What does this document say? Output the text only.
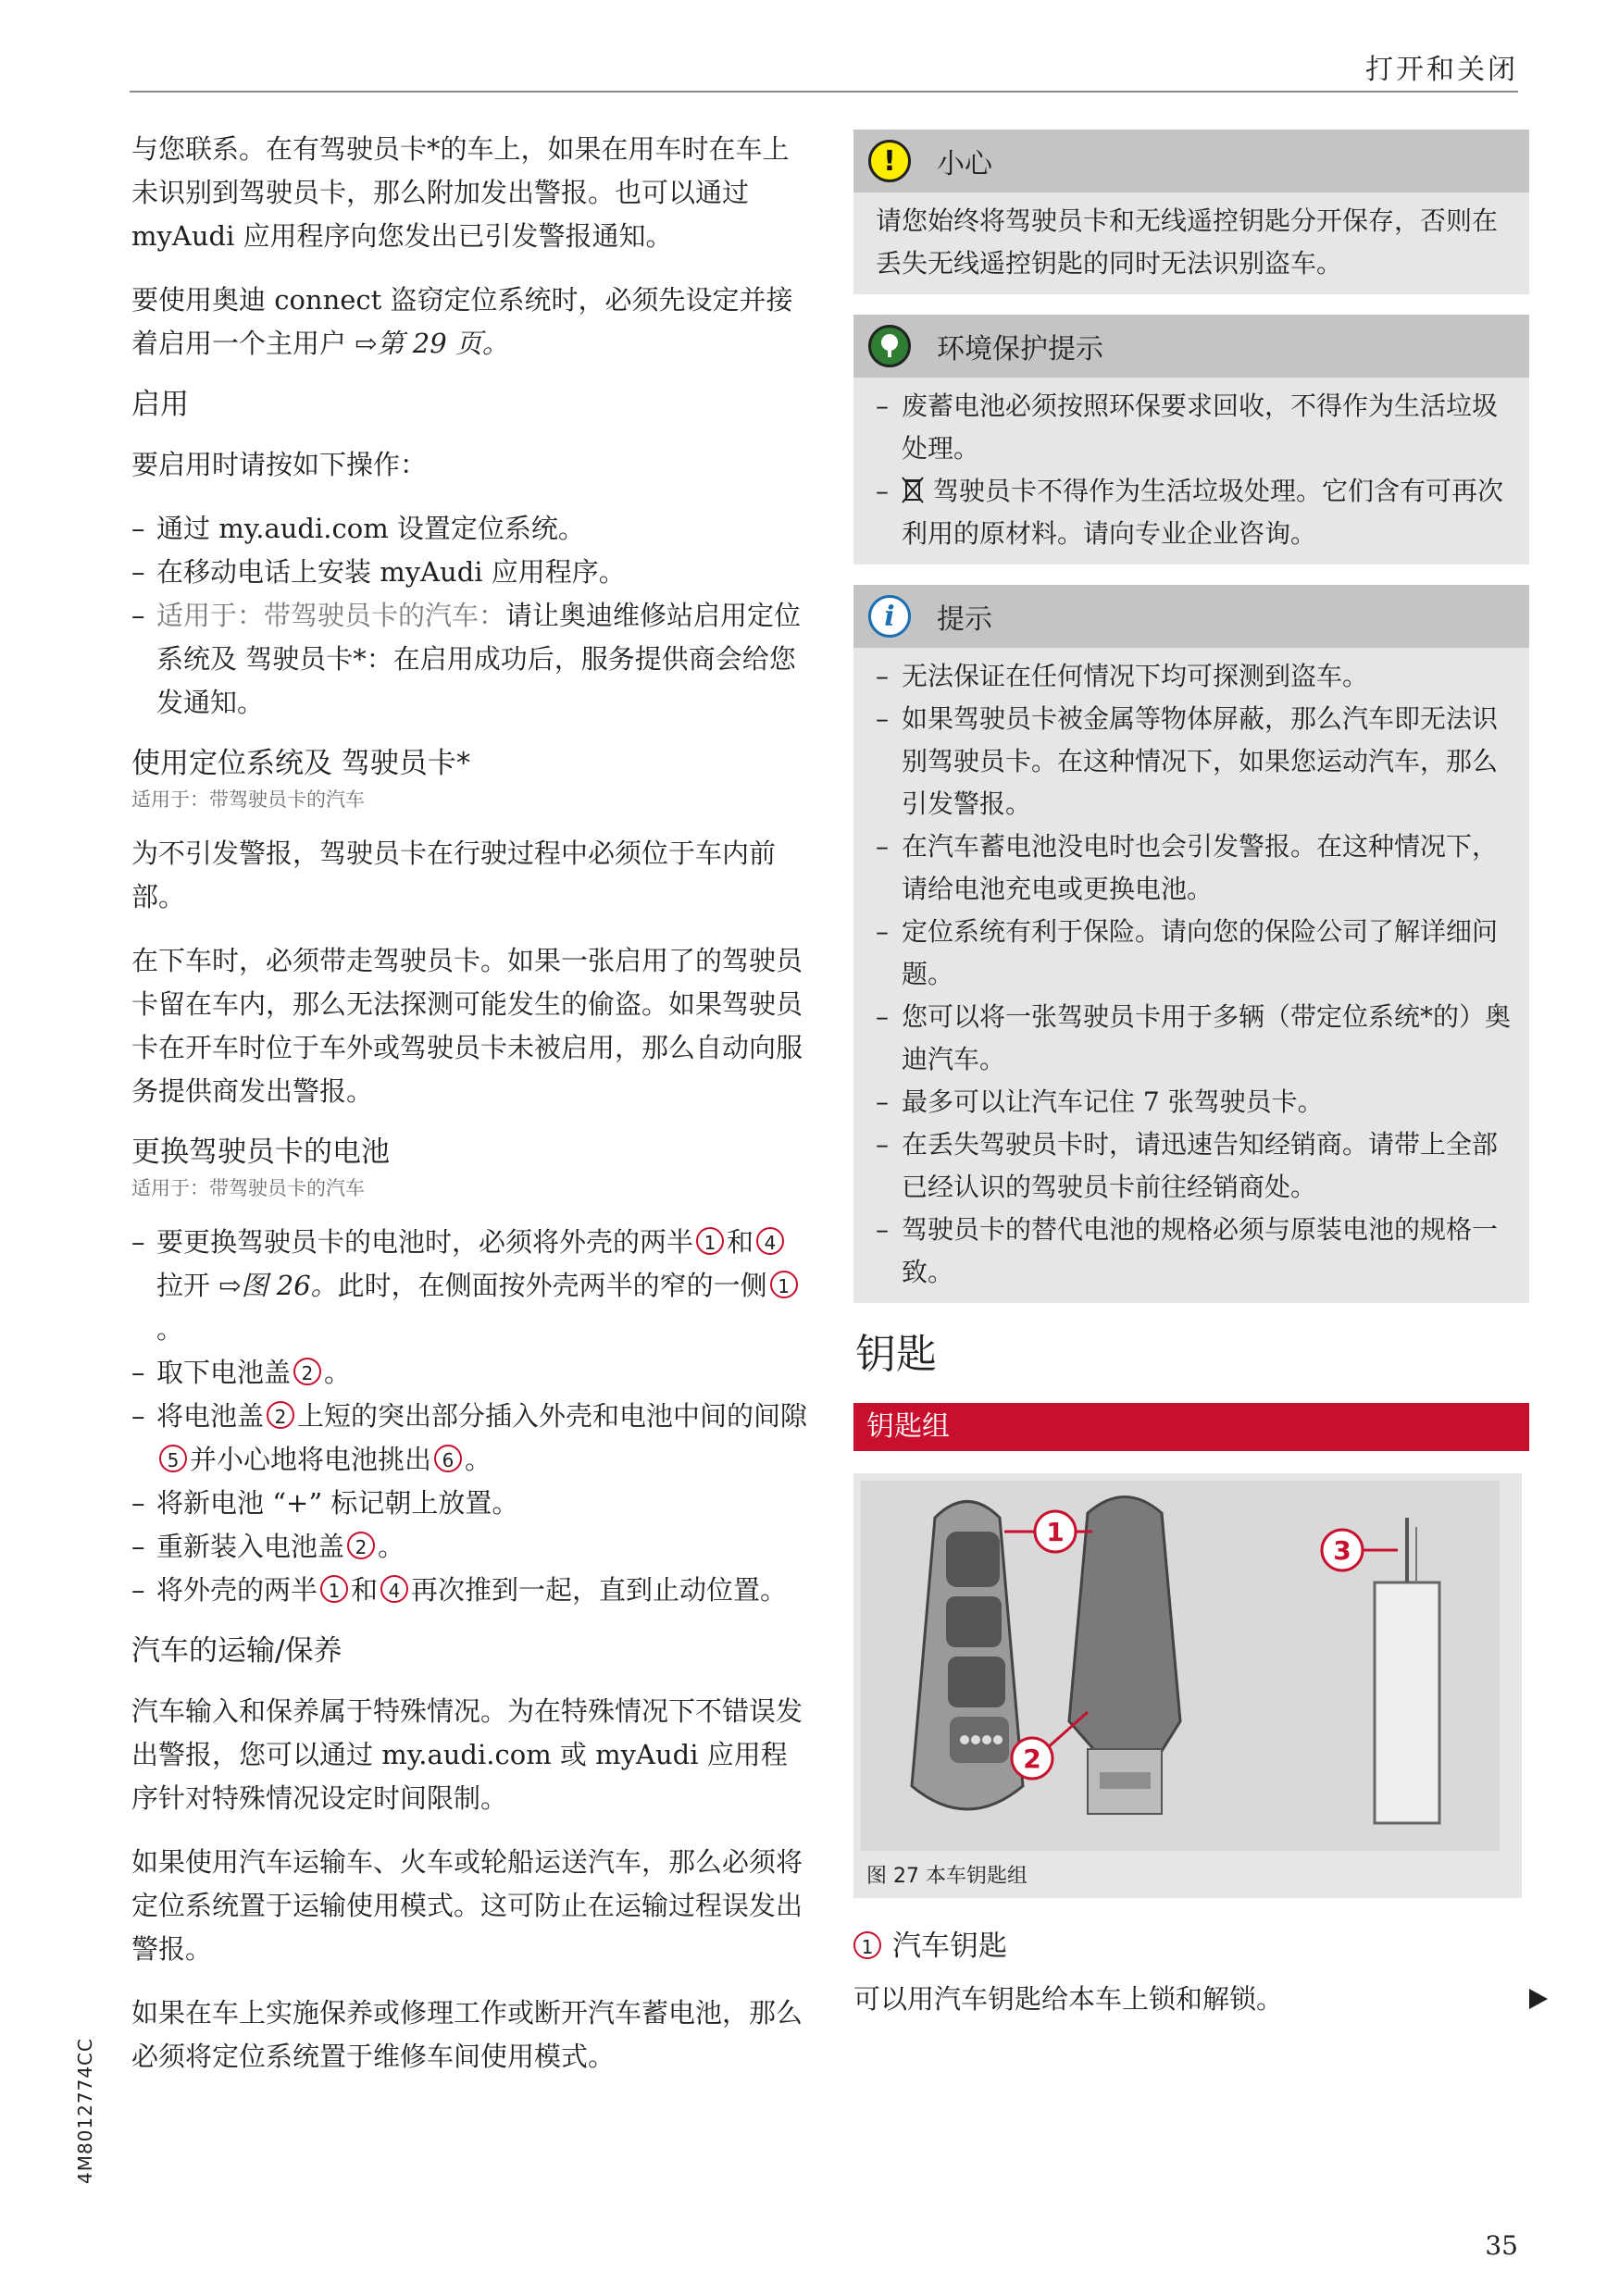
打开和关闭

与您联系。在有驾驶员卡*的车上，如果在用车时在车上未识别到驾驶员卡，那么附加发出警报。也可以通过 myAudi 应用程序向您发出已引发警报通知。

要使用奥迪 connect 盗窃定位系统时，必须先设定并接着启用一个主用户 ⇨第 29 页。

启用

要启用时请按如下操作：

– 通过 my.audi.com 设置定位系统。
– 在移动电话上安装 myAudi 应用程序。
– 适用于：带驾驶员卡的汽车：请让奥迪维修站启用定位系统及 驾驶员卡*：在启用成功后，服务提供商会给您发通知。
使用定位系统及 驾驶员卡*
适用于：带驾驶员卡的汽车

为不引发警报，驾驶员卡在行驶过程中必须位于车内前部。

在下车时，必须带走驾驶员卡。如果一张启用了的驾驶员卡留在车内，那么无法探测可能发生的偷盗。如果驾驶员卡在开车时位于车外或驾驶员卡未被启用，那么自动向服务提供商发出警报。

更换驾驶员卡的电池
适用于：带驾驶员卡的汽车
– 要更换驾驶员卡的电池时，必须将外壳的两半 1 和 4拉开 ⇨图 26。此时，在侧面按外壳两半的窄的一侧 1。
– 取下电池盖 2 。
– 将电池盖 2 上短的突出部分插入外壳和电池中间的间隙5 并小心地将电池挑出 6 。
– 将新电池 “+” 标记朝上放置。
– 重新装入电池盖 2 。
– 将外壳的两半 1 和 4 再次推到一起，直到止动位置。
汽车的运输/保养

汽车输入和保养属于特殊情况。为在特殊情况下不错误发出警报，您可以通过 my.audi.com 或 myAudi 应用程序针对特殊情况设定时间限制。

如果使用汽车运输车、火车或轮船运送汽车，那么必须将定位系统置于运输使用模式。这可防止在运输过程误发出警报。

如果在车上实施保养或修理工作或断开汽车蓄电池，那么必须将定位系统置于维修车间使用模式。

!	小心
请您始终将驾驶员卡和无线遥控钥匙分开保存，否则在丢失无线遥控钥匙的同时无法识别盗车。
环境保护提示
– 废蓄电池必须按照环保要求回收，不得作为生活垃圾处理。
– 驾驶员卡不得作为生活垃圾处理。它们含有可再次利用的原材料。请向专业企业咨询。
i	提示
– 无法保证在任何情况下均可探测到盗车。
– 如果驾驶员卡被金属等物体屏蔽，那么汽车即无法识别驾驶员卡。在这种情况下，如果您运动汽车，那么引发警报。
– 在汽车蓄电池没电时也会引发警报。在这种情况下，请给电池充电或更换电池。
– 定位系统有利于保险。请向您的保险公司了解详细问题。
– 您可以将一张驾驶员卡用于多辆（带定位系统*的）奥迪汽车。
– 最多可以让汽车记住 7 张驾驶员卡。
– 在丢失驾驶员卡时，请迅速告知经销商。请带上全部已经认识的驾驶员卡前往经销商处。
– 驾驶员卡的替代电池的规格必须与原装电池的规格一致。
钥匙
钥匙组
1
2
3
图 27 本车钥匙组
1 汽车钥匙
可以用汽车钥匙给本车上锁和解锁。
4M8012774CC
35
